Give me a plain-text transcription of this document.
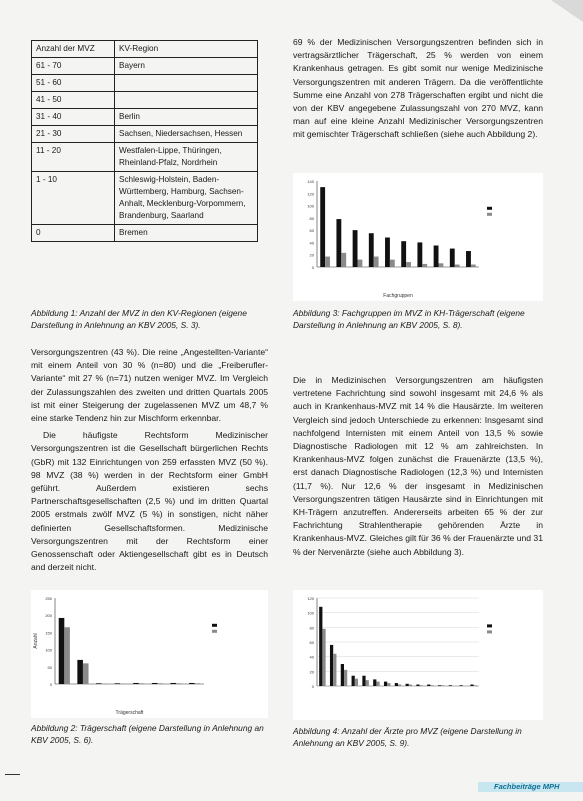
Anzahl der MVZ	KV-Region
61 - 70	Bayern
51 - 60	
41 - 50	
31 - 40	Berlin
21 - 30	Sachsen, Niedersachsen, Hessen
11 - 20	Westfalen-Lippe, Thüringen, Rheinland-Pfalz, Nordrhein
1 - 10	Schleswig-Holstein, Baden-Württemberg, Hamburg, Sachsen-Anhalt, Mecklenburg-Vorpommern, Brandenburg, Saarland
0	Bremen

Abbildung 1: Anzahl der MVZ in den KV-Regionen (eigene Darstellung in Anlehnung an KBV 2005, S. 3).

Versorgungszentren (43 %). Die reine „Angestellten-Variante“ mit einem Anteil von 30 % (n=80) und die „Freiberufler-Variante“ mit 27 % (n=71) nutzen weniger MVZ. Im Vergleich der Zulassungszahlen des zweiten und dritten Quartals 2005 ist mit einer Steigerung der zugelassenen MVZ um 48,7 % eine starke Tendenz hin zur Mischform erkennbar.

Die häufigste Rechtsform Medizinischer Versorgungszentren ist die Gesellschaft bürgerlichen Rechts (GbR) mit 132 Einrichtungen von 259 erfassten MVZ (50 %). 98 MVZ (38 %) werden in der Rechtsform einer GmbH geführt. Außerdem existieren sechs Partnerschaftsgesellschaften (2,5 %) und im dritten Quartal 2005 erstmals zwölf MVZ (5 %) in sonstigen, nicht näher definierten Gesellschaftsformen. Medizinische Versorgungszentren mit der Rechtsform einer Genossenschaft oder Aktiengesellschaft gibt es in Deutsch and derzeit nicht.

0
50
100
150
200
250
Trägerschaft
Anzahl

Abbildung 2: Trägerschaft (eigene Darstellung in Anlehnung an KBV 2005, S. 6).

69 % der Medizinischen Versorgungszentren befinden sich in vertragsärztlicher Trägerschaft, 25 % werden von einem Krankenhaus getragen. Es gibt somit nur wenige Medizinische Versorgungszentren mit anderen Trägern. Da die veröffentlichte Summe eine Anzahl von 278 Trägerschaften ergibt und nicht die von der KBV angegebene Zulassungszahl von 270 MVZ, kann man auf eine kleine Anzahl Medizinischer Versorgungszentren mit gemischter Trägerschaft schließen (siehe auch Abbildung 2).

0
20
40
60
80
100
120
140
Fachgruppen

Abbildung 3: Fachgruppen im MVZ in KH-Trägerschaft (eigene Darstellung in Anlehnung an KBV 2005, S. 8).

Die in Medizinischen Versorgungszentren am häufigsten vertretene Fachrichtung sind sowohl insgesamt mit 24,6 % als auch in Krankenhaus-MVZ mit 14 % die Hausärzte. Im weiteren Vergleich sind jedoch Unterschiede zu erkennen: Insgesamt sind nachfolgend Internisten mit einem Anteil von 13,5 % sowie Diagnostische Radiologen mit 12 % am zahlreichsten. In Krankenhaus-MVZ folgen zunächst die Frauenärzte (13,5 %), erst danach Diagnostische Radiologen (12,3 %) und Internisten (11,7 %). Nur 12,6 % der insgesamt in Medizinischen Versorgungszentren tätigen Hausärzte sind in Einrichtungen mit KH-Trägern anzutreffen. Andererseits arbeiten 65 % der zur Fachrichtung Strahlentherapie gehörenden Ärzte in Krankenhaus-MVZ. Gleiches gilt für 36 % der Frauenärzte und 31 % der Nervenärzte (siehe auch Abbildung 3).

0
20
40
60
80
100
120

Abbildung 4: Anzahl der Ärzte pro MVZ (eigene Darstellung in Anlehnung an KBV 2005, S. 9).

Fachbeiträge MPH
